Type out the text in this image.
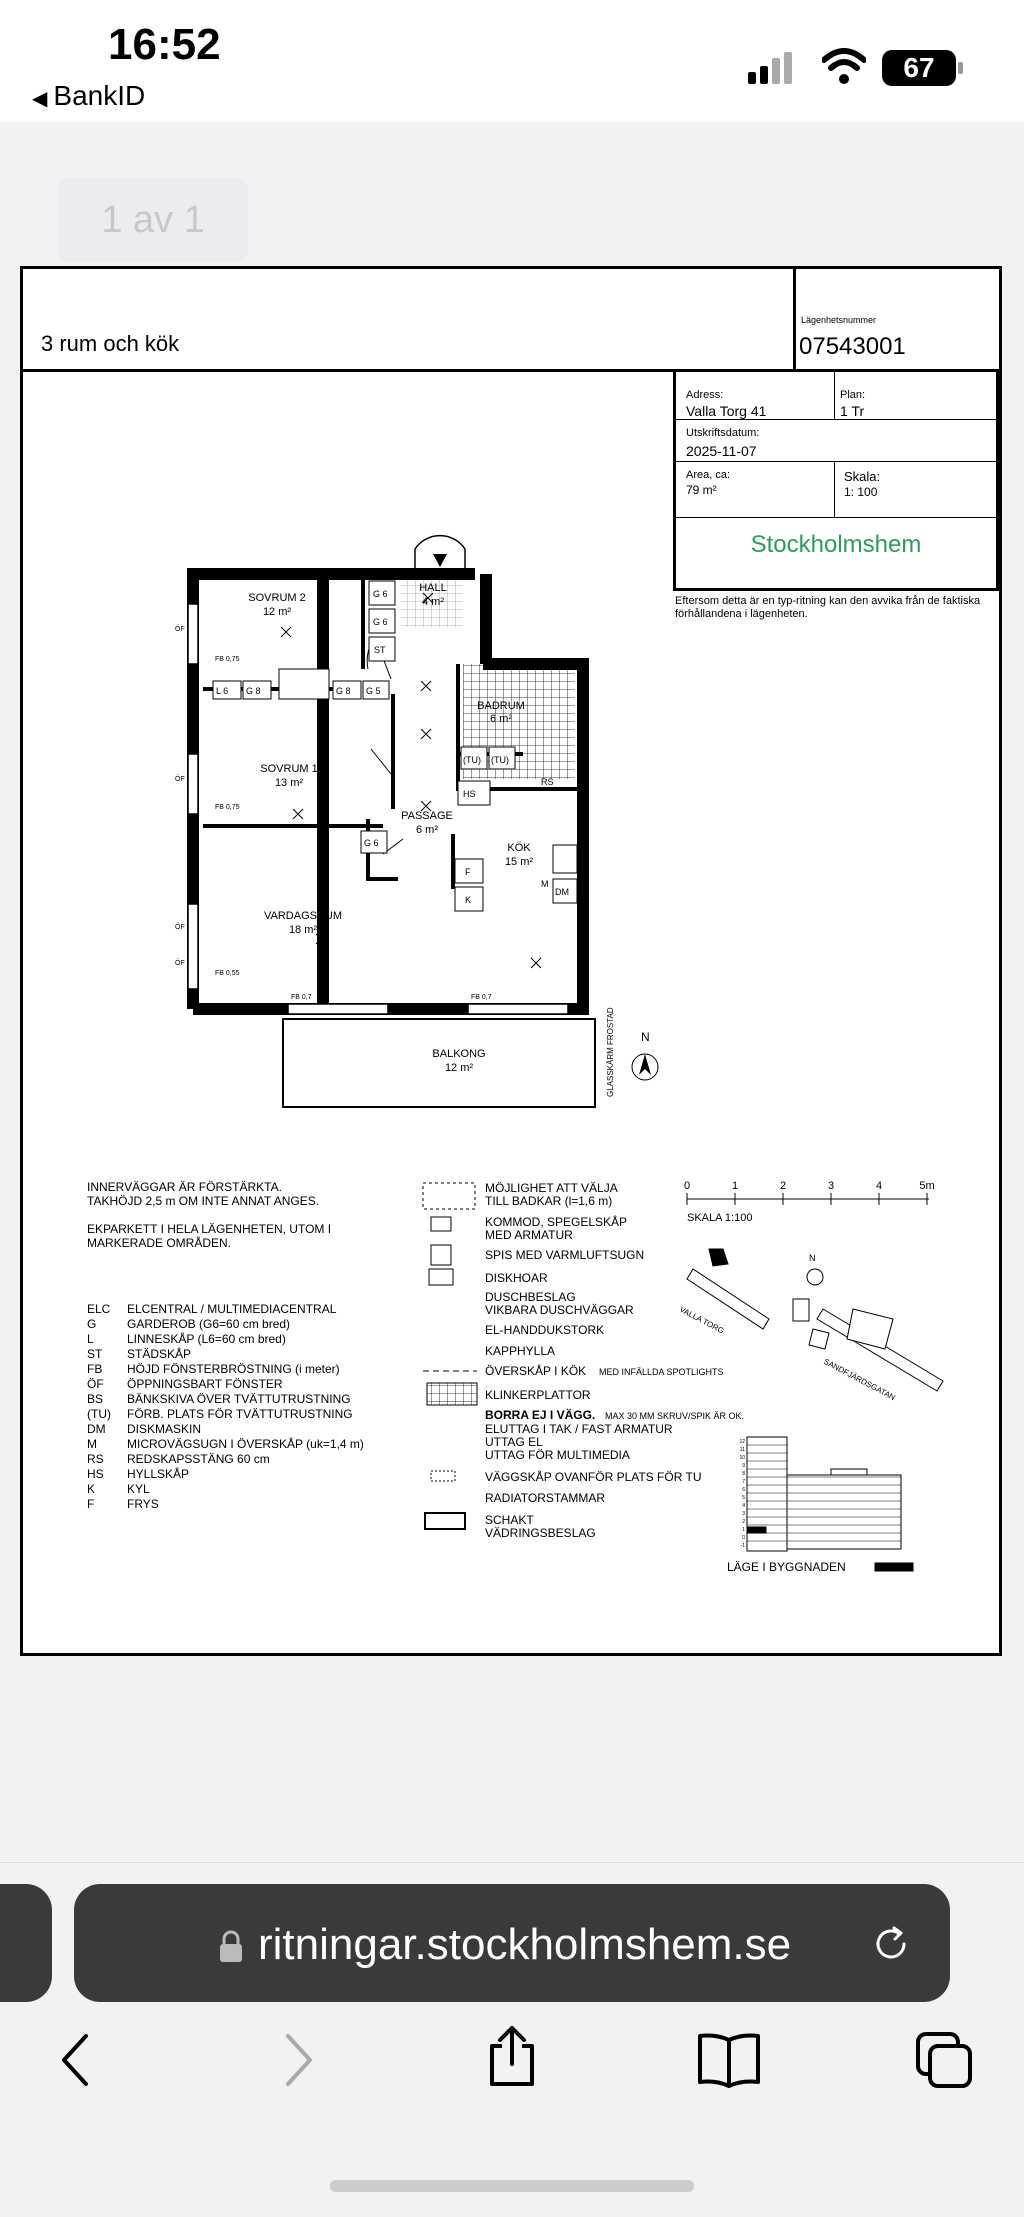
16:52
◀ BankID
67
1 av 1
3 rum och kök
Lägenhetsnummer
07543001
Adress:
Valla Torg 41
Plan:
1 Tr
Utskriftsdatum:
2025-11-07
Area, ca:
79 m²
Skala:
1: 100
Stockholmshem
Eftersom detta är en typ-ritning kan den avvika från de faktiska förhållandena i lägenheten.
SOVRUM 2
12 m²
HALL
4 m²
BADRUM
6 m²
SOVRUM 1
13 m²
PASSAGE
6 m²
KÖK
15 m²
VARDAGSRUM
18 m²
BALKONG
12 m²
G 6
G 6
ST
L 6 G 8	G 8 G 5
G 6
HS
RS
F
K
DM
M
(TU) (TU)
FB 0,75
FB 0,75
FB 0,55
FB 0,7	FB 0,7
ÖF
ÖF
ÖF
ÖF
GLASSKÄRM FROSTAD N
INNERVÄGGAR ÄR FÖRSTÄRKTA.
TAKHÖJD 2,5 m OM INTE ANNAT ANGES.
EKPARKETT I HELA LÄGENHETEN, UTOM I
MARKERADE OMRÅDEN.
ELC ELCENTRAL / MULTIMEDIACENTRAL
G	GARDEROB (G6=60 cm bred)
L	LINNESKÅP (L6=60 cm bred)
ST STÄDSKÅP
FB HÖJD FÖNSTERBRÖSTNING (i meter)
ÖF ÖPPNINGSBART FÖNSTER
BS BÄNKSKIVA ÖVER TVÄTTUTRUSTNING
(TU) FÖRB. PLATS FÖR TVÄTTUTRUSTNING
DM DISKMASKIN
M	MICROVÄGSUGN I ÖVERSKÅP (uk=1,4 m)
RS REDSKAPSSTÄNG 60 cm
HS HYLLSKÅP
K	KYL
F	FRYS
MÖJLIGHET ATT VÄLJA
TILL BADKAR (l=1,6 m)
KOMMOD, SPEGELSKÅP
MED ARMATUR
SPIS MED VARMLUFTSUGN
DISKHOAR
DUSCHBESLAG
VIKBARA DUSCHVÄGGAR
EL-HANDDUKSTORK
KAPPHYLLA
ÖVERSKÅP I KÖK MED INFÄLLDA SPOTLIGHTS
KLINKERPLATTOR
BORRA EJ I VÄGG. MAX 30 MM SKRUV/SPIK ÄR OK.
ELUTTAG I TAK / FAST ARMATUR
UTTAG EL
UTTAG FÖR MULTIMEDIA
VÄGGSKÅP OVANFÖR PLATS FÖR TU
RADIATORSTAMMAR
SCHAKT
VÄDRINGSBESLAG
0	1	2	3	4	5m
SKALA 1:100
N
VALLA TORG
SANDFJÄRDSGATAN
12
11
10
9
8
7
6
5
4
3
2
1
0
-1
LÄGE I BYGGNADEN
ritningar.stockholmshem.se
